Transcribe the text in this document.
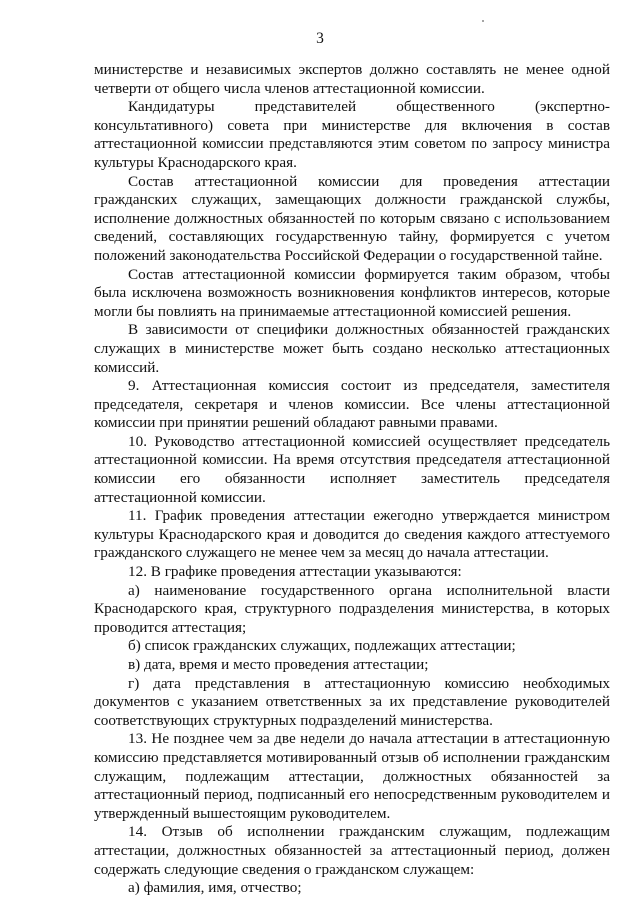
3

министерстве и независимых экспертов должно составлять не менее одной четверти от общего числа членов аттестационной комиссии.

Кандидатуры представителей общественного (экспертно-консультативного) совета при министерстве для включения в состав аттестационной комиссии представляются этим советом по запросу министра культуры Краснодарского края.

Состав аттестационной комиссии для проведения аттестации гражданских служащих, замещающих должности гражданской службы, исполнение должностных обязанностей по которым связано с использованием сведений, составляющих государственную тайну, формируется с учетом положений законодательства Российской Федерации о государственной тайне.

Состав аттестационной комиссии формируется таким образом, чтобы была исключена возможность возникновения конфликтов интересов, которые могли бы повлиять на принимаемые аттестационной комиссией решения.

В зависимости от специфики должностных обязанностей гражданских служащих в министерстве может быть создано несколько аттестационных комиссий.

9. Аттестационная комиссия состоит из председателя, заместителя председателя, секретаря и членов комиссии. Все члены аттестационной комиссии при принятии решений обладают равными правами.

10. Руководство аттестационной комиссией осуществляет председатель аттестационной комиссии. На время отсутствия председателя аттестационной комиссии его обязанности исполняет заместитель председателя аттестационной комиссии.

11. График проведения аттестации ежегодно утверждается министром культуры Краснодарского края и доводится до сведения каждого аттестуемого гражданского служащего не менее чем за месяц до начала аттестации.

12. В графике проведения аттестации указываются:

а) наименование государственного органа исполнительной власти Краснодарского края, структурного подразделения министерства, в которых проводится аттестация;

б) список гражданских служащих, подлежащих аттестации;

в) дата, время и место проведения аттестации;

г) дата представления в аттестационную комиссию необходимых документов с указанием ответственных за их представление руководителей соответствующих структурных подразделений министерства.

13. Не позднее чем за две недели до начала аттестации в аттестационную комиссию представляется мотивированный отзыв об исполнении гражданским служащим, подлежащим аттестации, должностных обязанностей за аттестационный период, подписанный его непосредственным руководителем и утвержденный вышестоящим руководителем.

14. Отзыв об исполнении гражданским служащим, подлежащим аттестации, должностных обязанностей за аттестационный период, должен содержать следующие сведения о гражданском служащем:

а) фамилия, имя, отчество;
